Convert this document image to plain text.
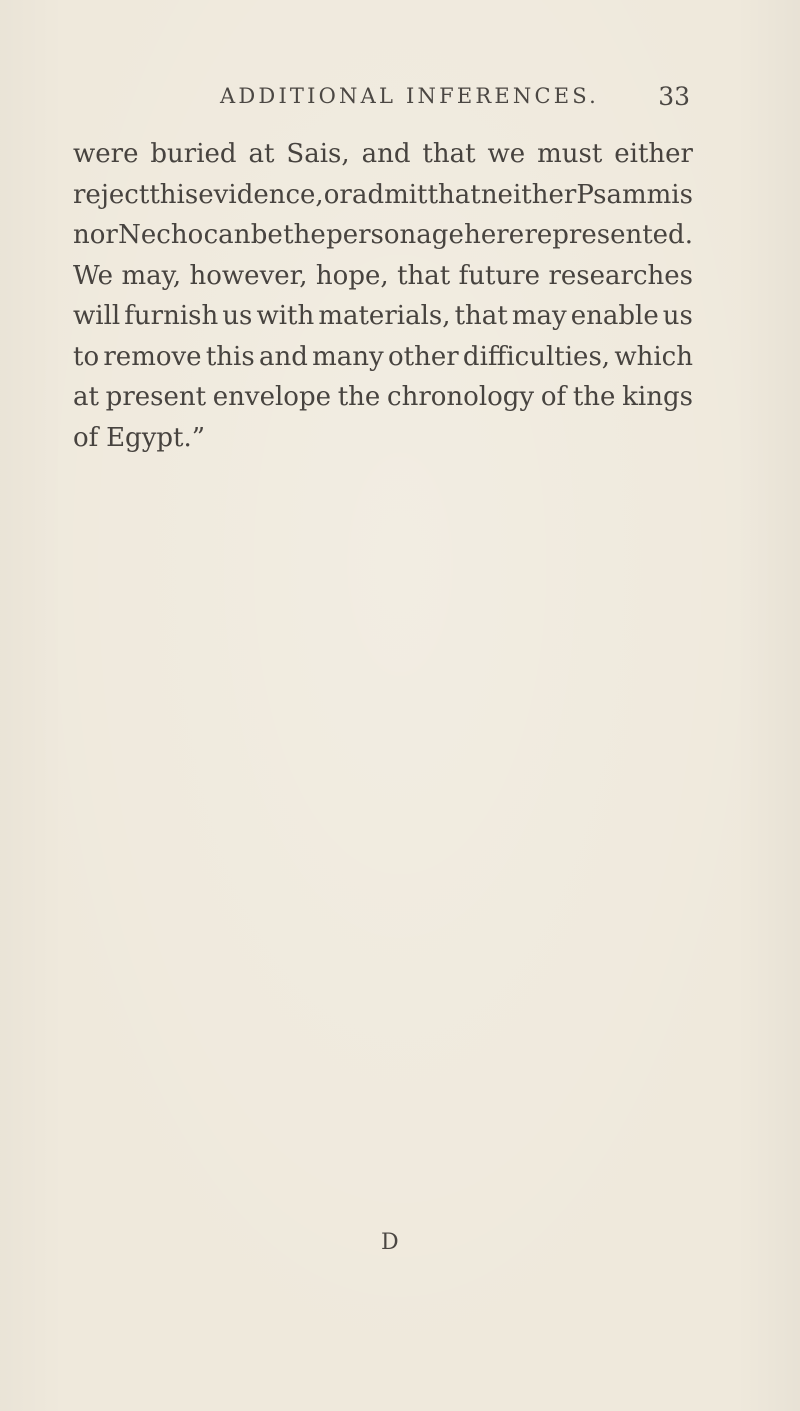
ADDITIONAL INFERENCES. 33
were buried at Sais, and that we must either
reject this evidence, or admit that neither Psammis
nor Necho can be the personage here represented.
We may, however, hope, that future researches
will furnish us with materials, that may enable us
to remove this and many other difficulties, which
at present envelope the chronology of the kings
of Egypt.”
D
